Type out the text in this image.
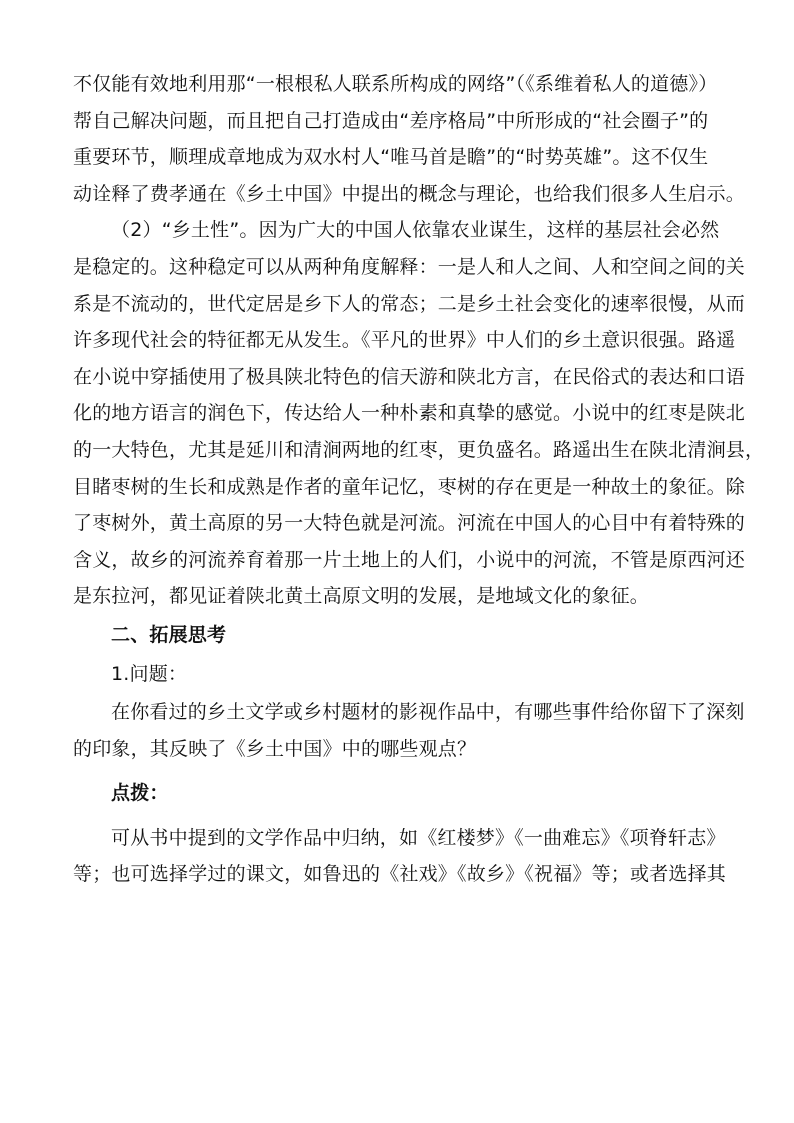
不仅能有效地利用那“一根根私人联系所构成的网络”（《系维着私人的道德》）
帮自己解决问题，而且把自己打造成由“差序格局”中所形成的“社会圈子”的
重要环节，顺理成章地成为双水村人“唯马首是瞻”的“时势英雄”。这不仅生
动诠释了费孝通在《乡土中国》中提出的概念与理论，也给我们很多人生启示。
（2）“乡土性”。因为广大的中国人依靠农业谋生，这样的基层社会必然
是稳定的。这种稳定可以从两种角度解释：一是人和人之间、人和空间之间的关
系是不流动的，世代定居是乡下人的常态；二是乡土社会变化的速率很慢，从而
许多现代社会的特征都无从发生。《平凡的世界》中人们的乡土意识很强。路遥
在小说中穿插使用了极具陕北特色的信天游和陕北方言，在民俗式的表达和口语
化的地方语言的润色下，传达给人一种朴素和真挚的感觉。小说中的红枣是陕北
的一大特色，尤其是延川和清涧两地的红枣，更负盛名。路遥出生在陕北清涧县，
目睹枣树的生长和成熟是作者的童年记忆，枣树的存在更是一种故土的象征。除
了枣树外，黄土高原的另一大特色就是河流。河流在中国人的心目中有着特殊的
含义，故乡的河流养育着那一片土地上的人们，小说中的河流，不管是原西河还
是东拉河，都见证着陕北黄土高原文明的发展，是地域文化的象征。
二、拓展思考
1.问题：
在你看过的乡土文学或乡村题材的影视作品中，有哪些事件给你留下了深刻
的印象，其反映了《乡土中国》中的哪些观点？
点拨：
可从书中提到的文学作品中归纳，如《红楼梦》《一曲难忘》《项脊轩志》
等；也可选择学过的课文，如鲁迅的《社戏》《故乡》《祝福》等；或者选择其
